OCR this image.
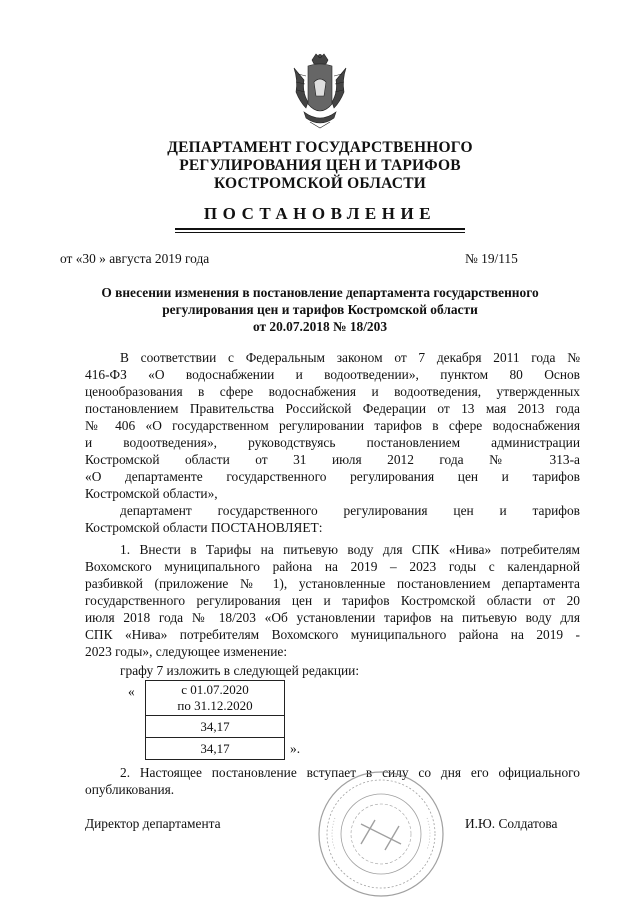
ДЕПАРТАМЕНТ ГОСУДАРСТВЕННОГО
РЕГУЛИРОВАНИЯ ЦЕН И ТАРИФОВ
КОСТРОМСКОЙ ОБЛАСТИ
ПОСТАНОВЛЕНИЕ
от «30 » августа 2019 года	№ 19/115
О внесении изменения в постановление департамента государственного
регулирования цен и тарифов Костромской области
от 20.07.2018 № 18/203
В соответствии с Федеральным законом от 7 декабря 2011 года №
416-ФЗ «О водоснабжении и водоотведении», пунктом 80 Основ
ценообразования в сфере водоснабжения и водоотведения, утвержденных
постановлением Правительства Российской Федерации от 13 мая 2013 года
№ 406 «О государственном регулировании тарифов в сфере водоснабжения
и водоотведения», руководствуясь постановлением администрации
Костромской области от 31 июля 2012 года № 313-а
«О департаменте государственного регулирования цен и тарифов
Костромской области»,
департамент государственного регулирования цен и тарифов
Костромской области ПОСТАНОВЛЯЕТ:
1. Внести в Тарифы на питьевую воду для СПК «Нива» потребителям
Вохомского муниципального района на 2019 – 2023 годы с календарной
разбивкой (приложение № 1), установленные постановлением департамента
государственного регулирования цен и тарифов Костромской области от 20
июля 2018 года № 18/203 «Об установлении тарифов на питьевую воду для
СПК «Нива» потребителям Вохомского муниципального района на 2019 -
2023 годы», следующее изменение:
графу 7 изложить в следующей редакции:
«	с 01.07.2020
по 31.12.2020

34,17
34,17	».
2. Настоящее постановление вступает в силу со дня его официального
опубликования.
Директор департамента	И.Ю. Солдатова
